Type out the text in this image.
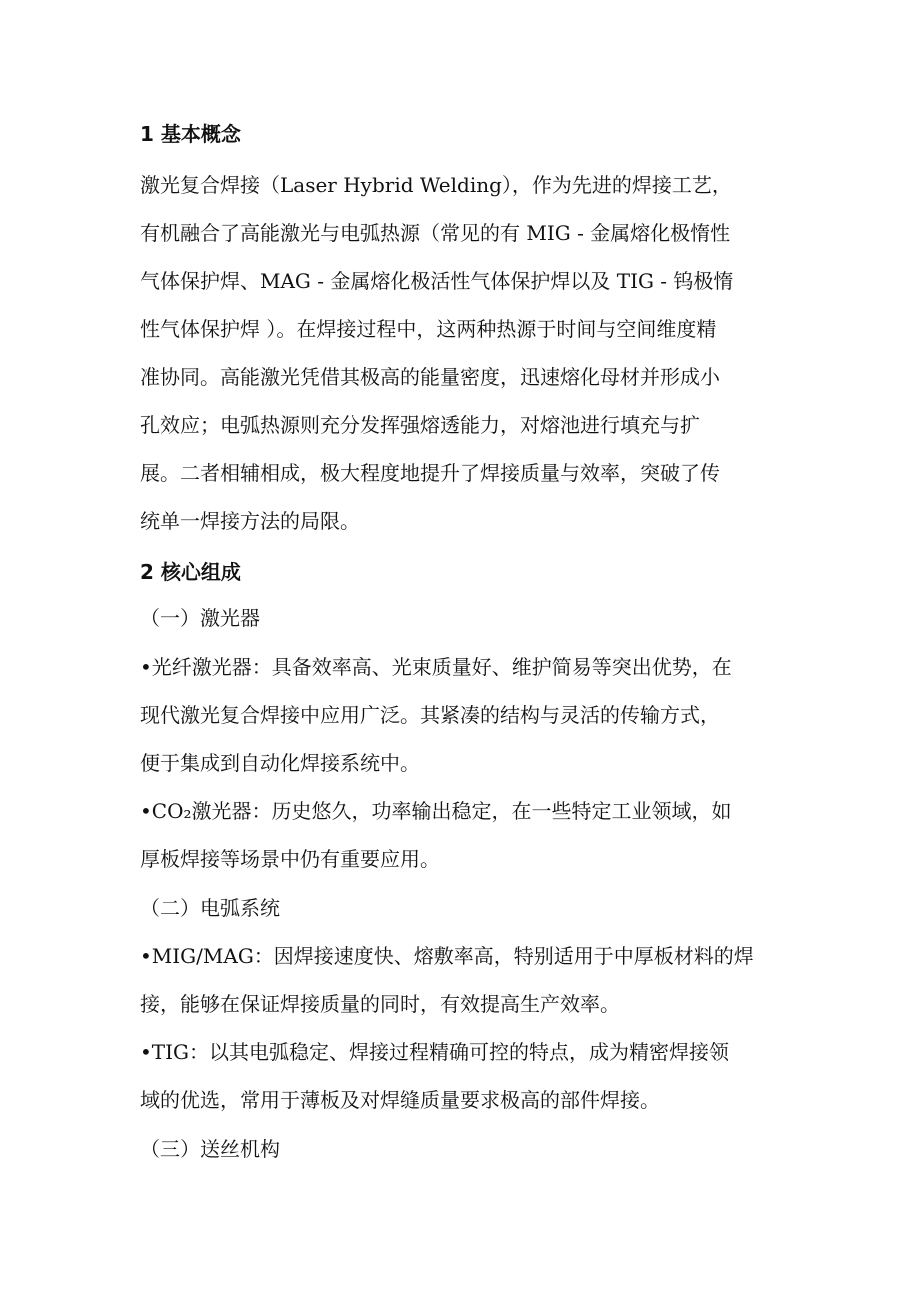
1 基本概念
激光复合焊接（Laser Hybrid Welding），作为先进的焊接工艺，
有机融合了高能激光与电弧热源（常见的有 MIG - 金属熔化极惰性
气体保护焊、MAG - 金属熔化极活性气体保护焊以及 TIG - 钨极惰
性气体保护焊 ）。在焊接过程中，这两种热源于时间与空间维度精
准协同。高能激光凭借其极高的能量密度，迅速熔化母材并形成小
孔效应；电弧热源则充分发挥强熔透能力，对熔池进行填充与扩
展。二者相辅相成，极大程度地提升了焊接质量与效率，突破了传
统单一焊接方法的局限。
2 核心组成
（一）激光器
•光纤激光器：具备效率高、光束质量好、维护简易等突出优势，在
现代激光复合焊接中应用广泛。其紧凑的结构与灵活的传输方式，
便于集成到自动化焊接系统中。
•CO₂激光器：历史悠久，功率输出稳定，在一些特定工业领域，如
厚板焊接等场景中仍有重要应用。
（二）电弧系统
•MIG/MAG：因焊接速度快、熔敷率高，特别适用于中厚板材料的焊
接，能够在保证焊接质量的同时，有效提高生产效率。
•TIG：以其电弧稳定、焊接过程精确可控的特点，成为精密焊接领
域的优选，常用于薄板及对焊缝质量要求极高的部件焊接。
（三）送丝机构
